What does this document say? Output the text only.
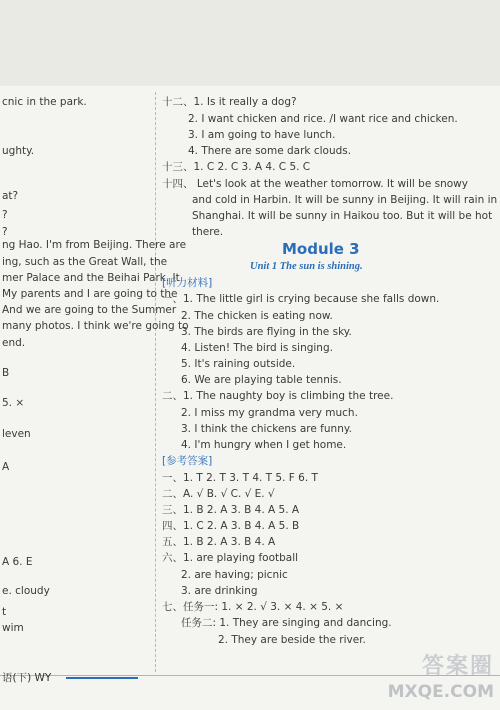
cnic in the park.
ughty.
at?
?
?
ng Hao. I'm from Beijing. There are
ing, such as the Great Wall, the
mer Palace and the Beihai Park. It
My parents and I are going to the
And we are going to the Summer
many photos. I think we're going to
end.
B
5. ×
leven
A
A 6. E
e. cloudy
t
wim
十二、1. Is it really a dog?
2. I want chicken and rice. /I want rice and chicken.
3. I am going to have lunch.
4. There are some dark clouds.
十三、1. C 2. C 3. A 4. C 5. C
十四、 Let's look at the weather tomorrow. It will be snowy
and cold in Harbin. It will be sunny in Beijing. It will rain in
Shanghai. It will be sunny in Haikou too. But it will be hot
there.
[听力材料]
一、1. The little girl is crying because she falls down.
2. The chicken is eating now.
3. The birds are flying in the sky.
4. Listen! The bird is singing.
5. It's raining outside.
6. We are playing table tennis.
二、1. The naughty boy is climbing the tree.
2. I miss my grandma very much.
3. I think the chickens are funny.
4. I'm hungry when I get home.
[参考答案]
一、1. T 2. T 3. T 4. T 5. F 6. T
二、A. √ B. √ C. √ E. √
三、1. B 2. A 3. B 4. A 5. A
四、1. C 2. A 3. B 4. A 5. B
五、1. B 2. A 3. B 4. A
六、1. are playing football
2. are having; picnic
3. are drinking
七、任务一: 1. × 2. √ 3. × 4. × 5. ×
任务二: 1. They are singing and dancing.
2. They are beside the river.
Module 3
Unit 1 The sun is shining.
语(下) WY	答案圈
MXQE.COM
